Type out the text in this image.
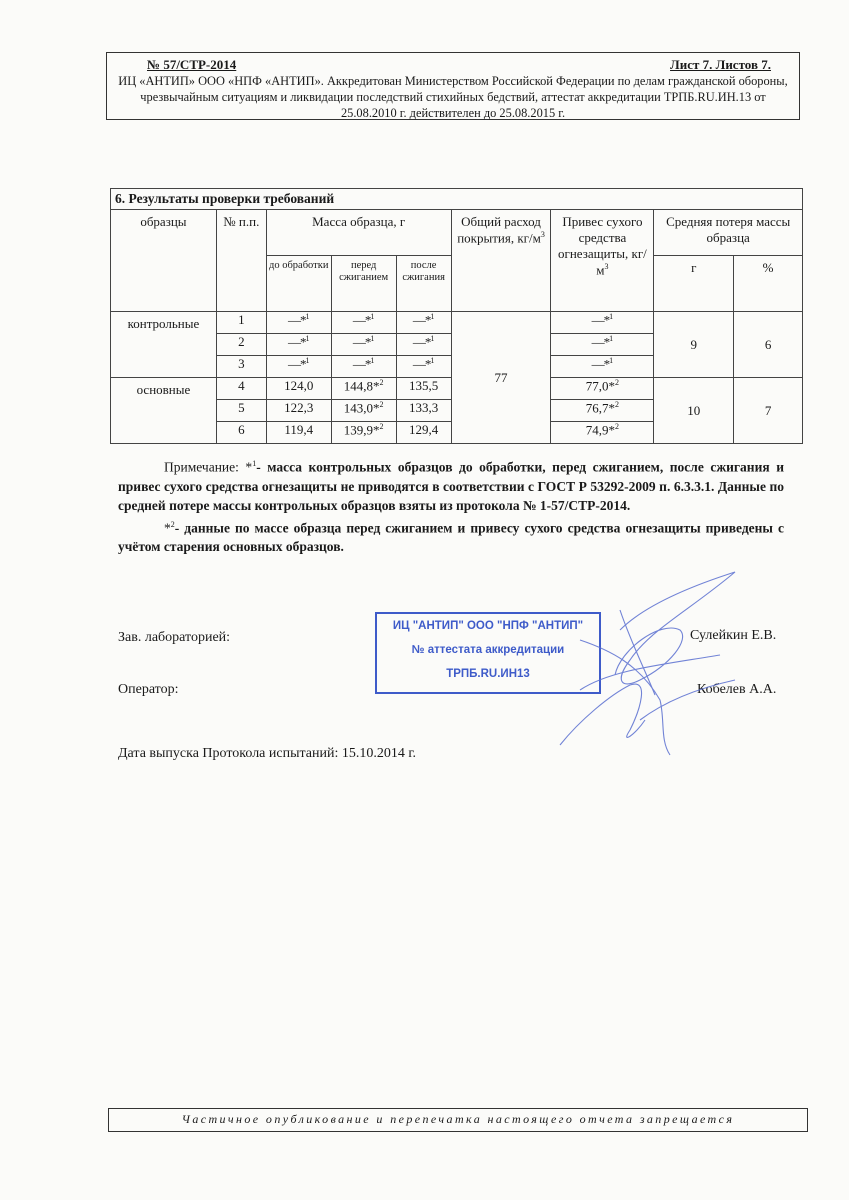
№ 57/СТР-2014	Лист 7. Листов 7.
ИЦ «АНТИП» ООО «НПФ «АНТИП». Аккредитован Министерством Российской Федерации по делам гражданской обороны, чрезвычайным ситуациям и ликвидации последствий стихийных бедствий, аттестат аккредитации ТРПБ.RU.ИН.13 от 25.08.2010 г. действителен до 25.08.2015 г.
6. Результаты проверки требований								
образцы	№ п.п.	Масса образца, г			Общий расход покрытия, $кг/м^3$	Привес сухого средства огнезащиты, $кг/м^3$	Средняя потеря массы образца	
		до обработки	перед сжиганием	после сжигания			г	%
контрольные	1	—*$^1$	—*$^1$	—*$^1$	77	—*$^1$	9	6
	2	—*$^1$	—*$^1$	—*$^1$		—*$^1$
	3	—*$^1$	—*$^1$	—*$^1$		—*$^1$
основные	4	124,0	144,8*$^2$	135,5		77,0*$^2$	10	7
	5	122,3	143,0*$^2$	133,3		76,7*$^2$
	6	119,4	139,9*$^2$	129,4		74,9*$^2$

Примечание: *$^1$- масса контрольных образцов до обработки, перед сжиганием, после сжигания и привес сухого средства огнезащиты не приводятся в соответствии с ГОСТ Р 53292-2009 п. 6.3.3.1. Данные по средней потере массы контрольных образцов взяты из протокола № 1-57/СТР-2014.

*$^2$- данные по массе образца перед сжиганием и привесу сухого средства огнезащиты приведены с учётом старения основных образцов.

Зав. лабораторией:	Сулейкин Е.В.
Оператор:	Кобелев А.А.
Дата выпуска Протокола испытаний: 15.10.2014 г.
ИЦ "АНТИП" ООО "НПФ "АНТИП"
№ аттестата аккредитации
ТРПБ.RU.ИН13
Частичное опубликование и перепечатка настоящего отчета запрещается
